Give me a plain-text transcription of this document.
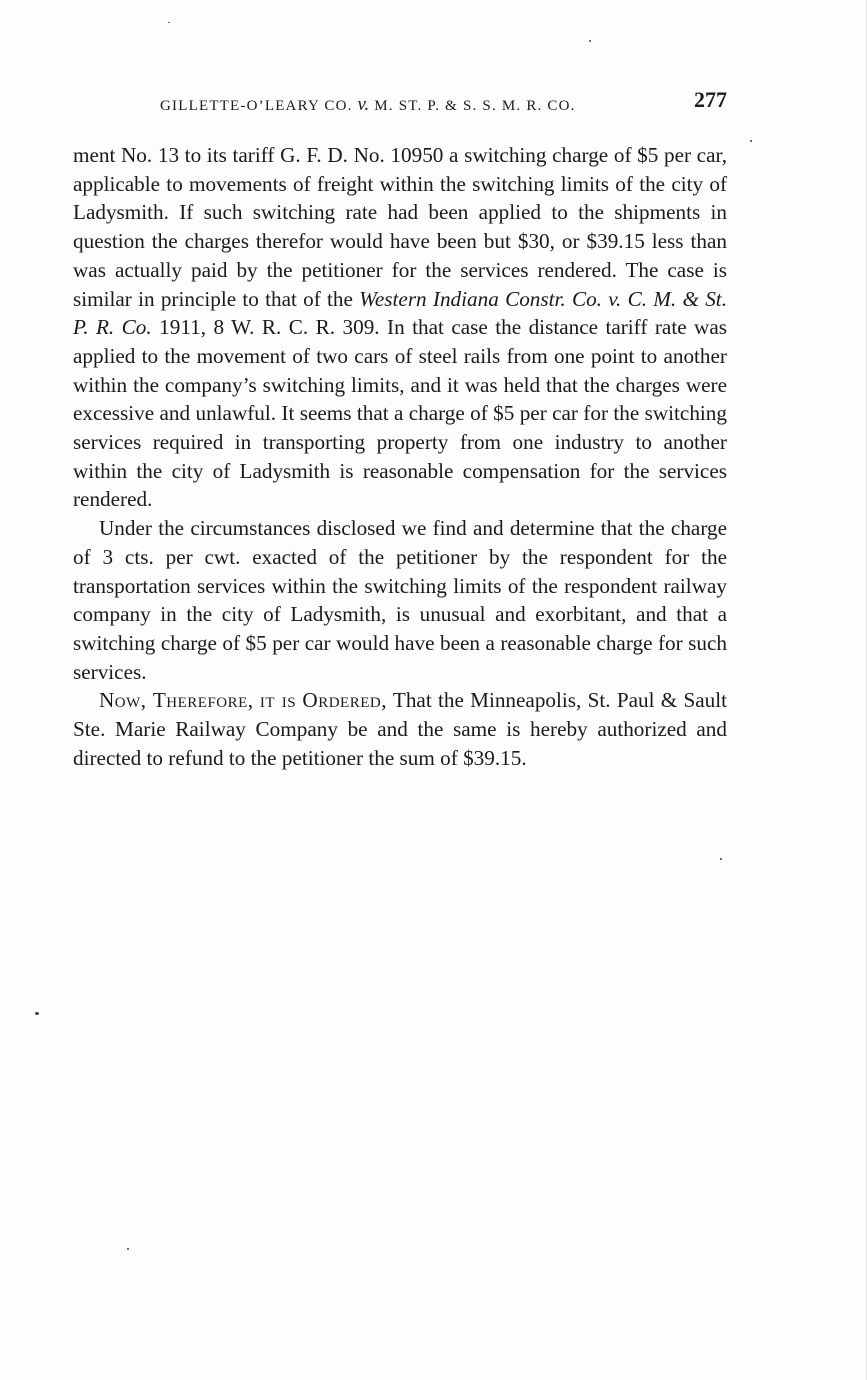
GILLETTE-O’LEARY CO. v. M. ST. P. & S. S. M. R. CO.	277

ment No. 13 to its tariff G. F. D. No. 10950 a switching charge of $5 per car, applicable to movements of freight within the switching limits of the city of Ladysmith. If such switching rate had been applied to the shipments in question the charges therefor would have been but $30, or $39.15 less than was actually paid by the petitioner for the services rendered. The case is similar in principle to that of the Western Indiana Constr. Co. v. C. M. & St. P. R. Co. 1911, 8 W. R. C. R. 309. In that case the distance tariff rate was applied to the movement of two cars of steel rails from one point to another within the company’s switching limits, and it was held that the charges were excessive and unlawful. It seems that a charge of $5 per car for the switching services required in transporting property from one industry to another within the city of Ladysmith is reasonable compensation for the services rendered.

Under the circumstances disclosed we find and determine that the charge of 3 cts. per cwt. exacted of the petitioner by the respondent for the transportation services within the switching limits of the respondent railway company in the city of Ladysmith, is unusual and exorbitant, and that a switching charge of $5 per car would have been a reasonable charge for such services.

Now, Therefore, it is Ordered, That the Minneapolis, St. Paul & Sault Ste. Marie Railway Company be and the same is hereby authorized and directed to refund to the petitioner the sum of $39.15.
